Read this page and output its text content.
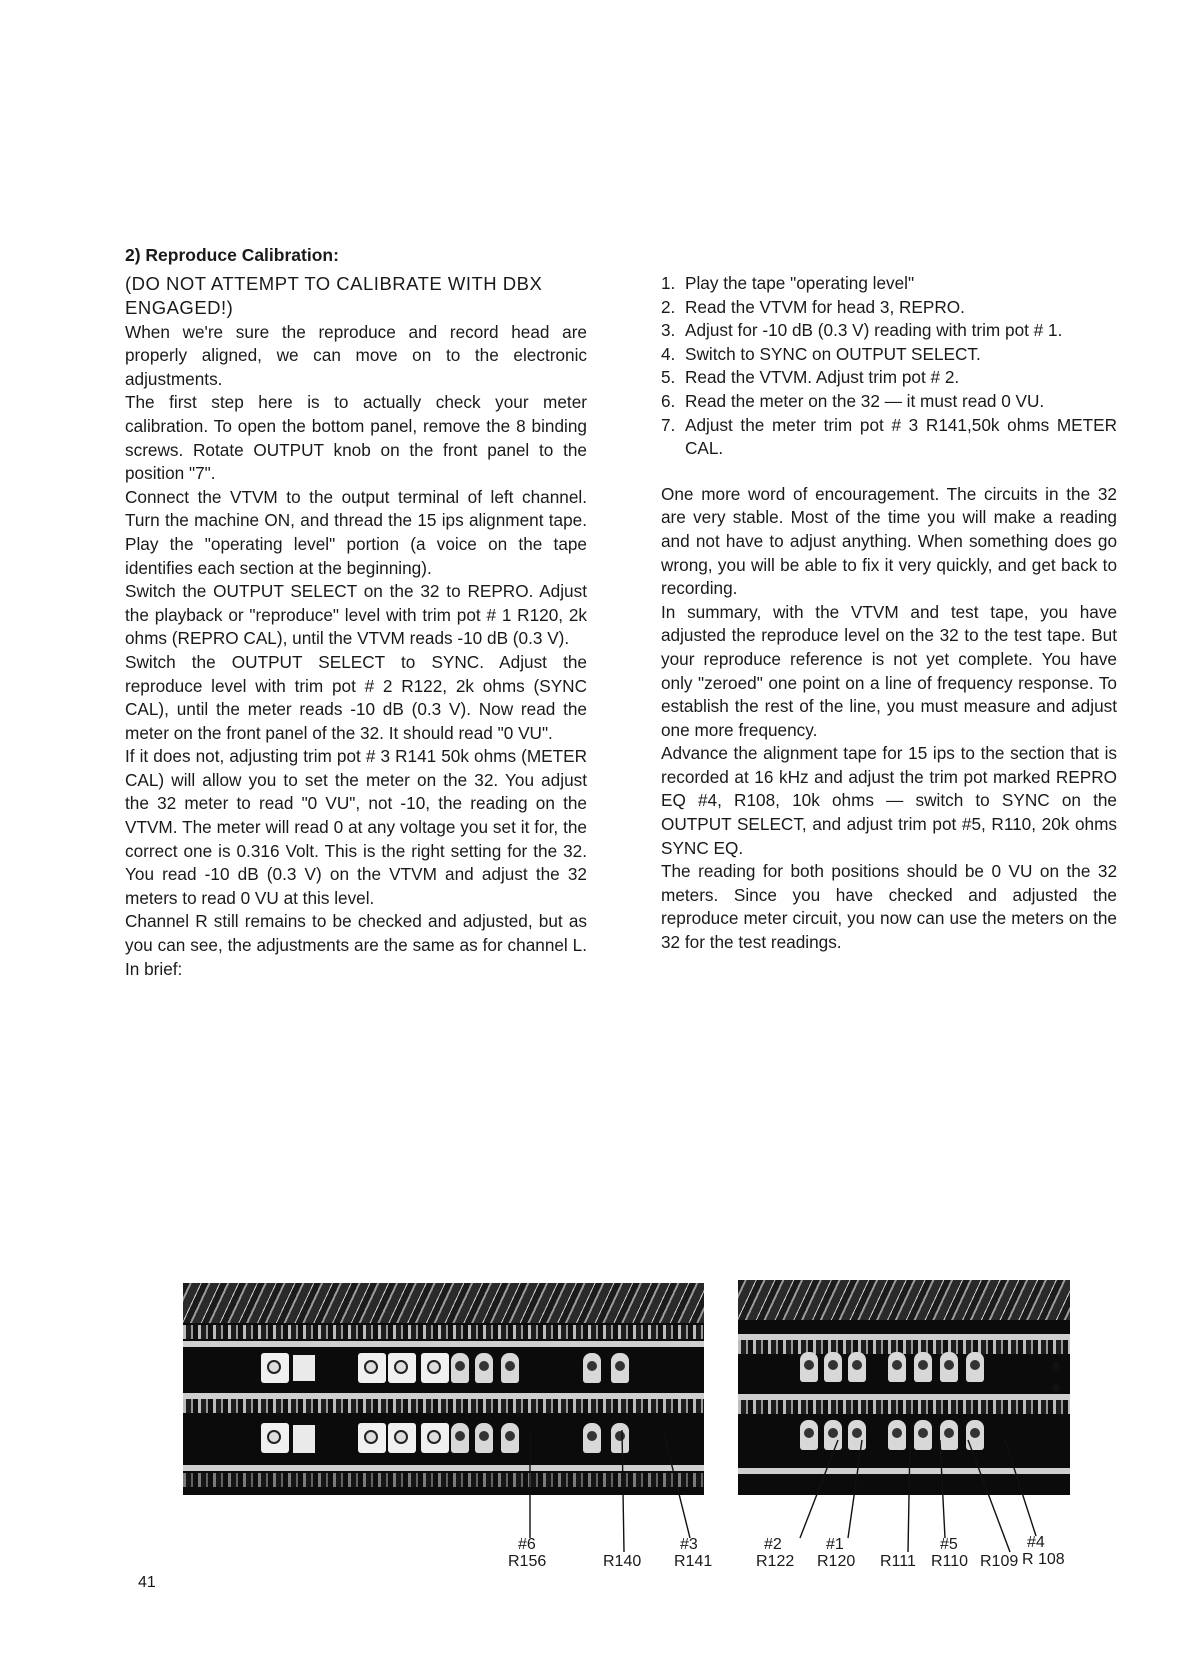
2) Reproduce Calibration:

(DO NOT ATTEMPT TO CALIBRATE WITH DBX ENGAGED!)

When we're sure the reproduce and record head are properly aligned, we can move on to the electronic adjustments.

The first step here is to actually check your meter calibration. To open the bottom panel, remove the 8 binding screws. Rotate OUTPUT knob on the front panel to the position "7".

Connect the VTVM to the output terminal of left channel. Turn the machine ON, and thread the 15 ips alignment tape. Play the "operating level" portion (a voice on the tape identifies each section at the beginning).

Switch the OUTPUT SELECT on the 32 to REPRO. Adjust the playback or "reproduce" level with trim pot # 1 R120, 2k ohms (REPRO CAL), until the VTVM reads -10 dB (0.3 V).

Switch the OUTPUT SELECT to SYNC. Adjust the reproduce level with trim pot # 2 R122, 2k ohms (SYNC CAL), until the meter reads -10 dB (0.3 V). Now read the meter on the front panel of the 32. It should read "0 VU".

If it does not, adjusting trim pot # 3 R141 50k ohms (METER CAL) will allow you to set the meter on the 32. You adjust the 32 meter to read "0 VU", not -10, the reading on the VTVM. The meter will read 0 at any voltage you set it for, the correct one is 0.316 Volt. This is the right setting for the 32. You read -10 dB (0.3 V) on the VTVM and adjust the 32 meters to read 0 VU at this level.

Channel R still remains to be checked and adjusted, but as you can see, the adjustments are the same as for channel L. In brief:

1. Play the tape "operating level"
2. Read the VTVM for head 3, REPRO.
3. Adjust for -10 dB (0.3 V) reading with trim pot # 1.
4. Switch to SYNC on OUTPUT SELECT.
5. Read the VTVM. Adjust trim pot # 2.
6. Read the meter on the 32 — it must read 0 VU.
7. Adjust the meter trim pot # 3 R141,50k ohms METER CAL.

One more word of encouragement. The circuits in the 32 are very stable. Most of the time you will make a reading and not have to adjust anything. When something does go wrong, you will be able to fix it very quickly, and get back to recording.

In summary, with the VTVM and test tape, you have adjusted the reproduce level on the 32 to the test tape. But your reproduce reference is not yet complete. You have only "zeroed" one point on a line of frequency response. To establish the rest of the line, you must measure and adjust one more frequency.

Advance the alignment tape for 15 ips to the section that is recorded at 16 kHz and adjust the trim pot marked REPRO EQ #4, R108, 10k ohms — switch to SYNC on the OUTPUT SELECT, and adjust trim pot #5, R110, 20k ohms SYNC EQ.

The reading for both positions should be 0 VU on the 32 meters. Since you have checked and adjusted the reproduce meter circuit, you now can use the meters on the 32 for the test readings.

#6
R156	R140
#3
R141
#2
R122
#1
R120 R111
#5
R110 R109
#4
R 108
41
